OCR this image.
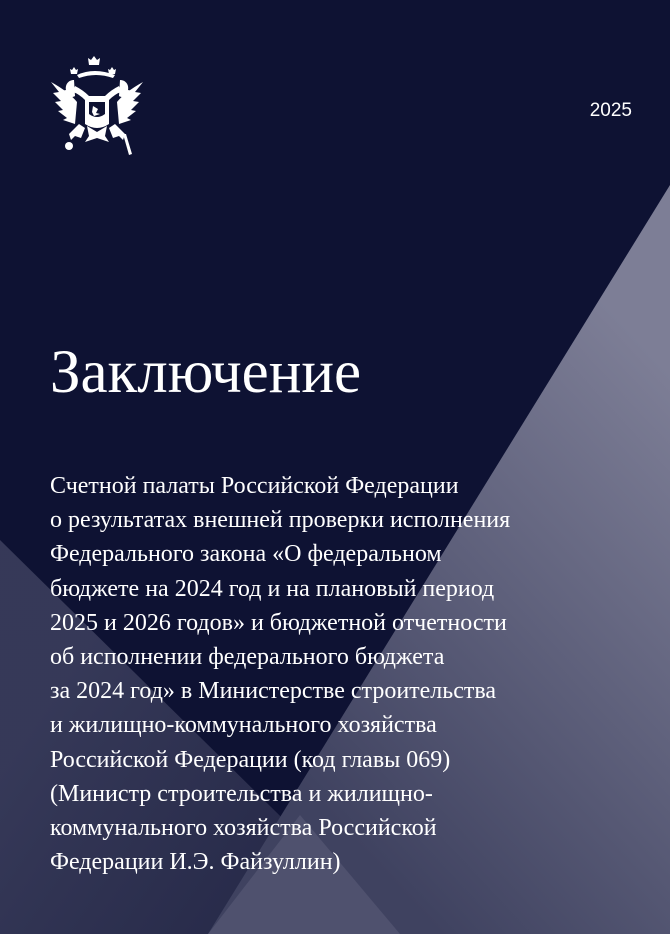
2025
Заключение
Счетной палаты Российской Федерации
о результатах внешней проверки исполнения
Федерального закона «О федеральном
бюджете на 2024 год и на плановый период
2025 и 2026 годов» и бюджетной отчетности
об исполнении федерального бюджета
за 2024 год» в Министерстве строительства
и жилищно-коммунального хозяйства
Российской Федерации (код главы 069)
(Министр строительства и жилищно-
коммунального хозяйства Российской
Федерации И.Э. Файзуллин)
